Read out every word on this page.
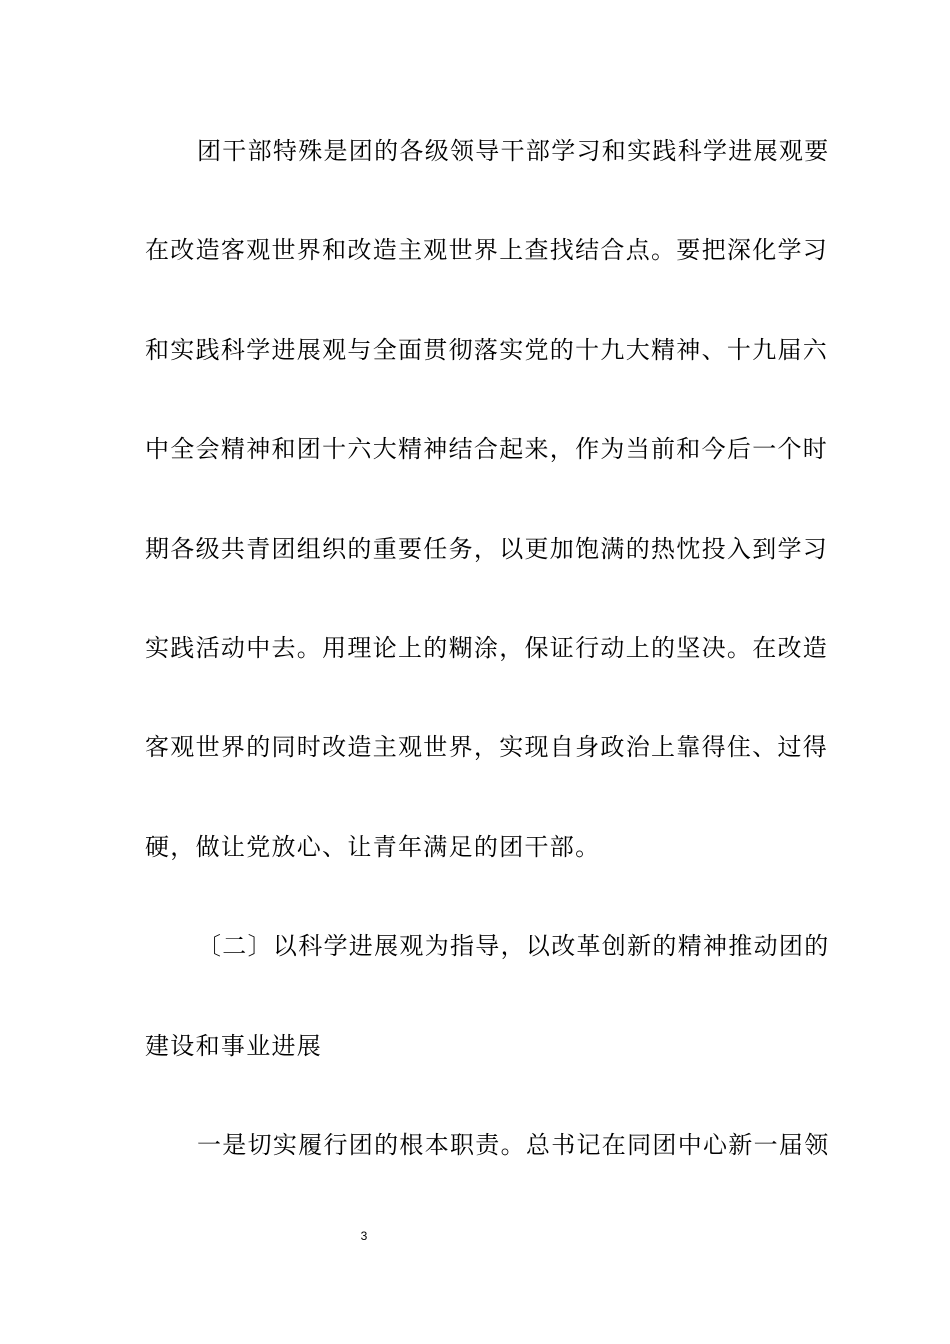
团干部特殊是团的各级领导干部学习和实践科学进展观要
在改造客观世界和改造主观世界上查找结合点。要把深化学习
和实践科学进展观与全面贯彻落实党的十九大精神、十九届六
中全会精神和团十六大精神结合起来，作为当前和今后一个时
期各级共青团组织的重要任务，以更加饱满的热忱投入到学习
实践活动中去。用理论上的糊涂，保证行动上的坚决。在改造
客观世界的同时改造主观世界，实现自身政治上靠得住、过得
硬，做让党放心、让青年满足的团干部。
〔二〕以科学进展观为指导，以改革创新的精神推动团的
建设和事业进展
一是切实履行团的根本职责。总书记在同团中心新一届领
3
